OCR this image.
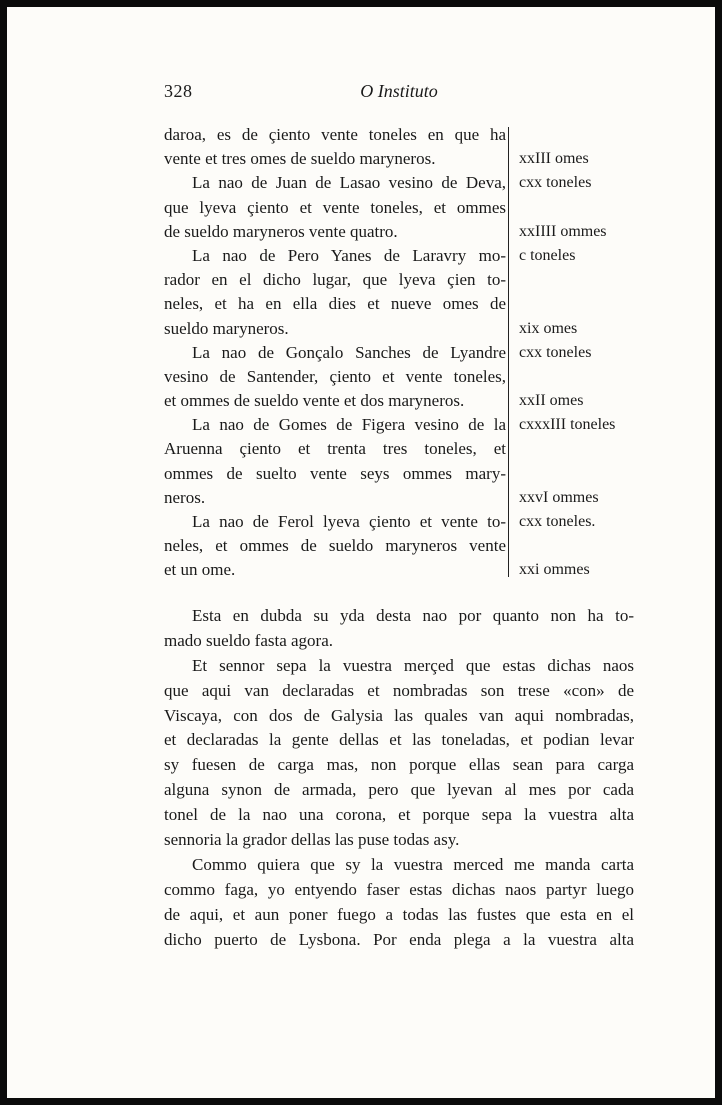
328	O Instituto
daroa, es de çiento vente toneles en que ha
vente et tres omes de sueldo maryneros.
La nao de Juan de Lasao vesino de Deva,
que lyeva çiento et vente toneles, et ommes
de sueldo maryneros vente quatro.
La nao de Pero Yanes de Laravry mo-
rador en el dicho lugar, que lyeva çien to-
neles, et ha en ella dies et nueve omes de
sueldo maryneros.
La nao de Gonçalo Sanches de Lyandre
vesino de Santender, çiento et vente toneles,
et ommes de sueldo vente et dos maryneros.
La nao de Gomes de Figera vesino de la
Aruenna çiento et trenta tres toneles, et
ommes de suelto vente seys ommes mary-
neros.
La nao de Ferol lyeva çiento et vente to-
neles, et ommes de sueldo maryneros vente
et un ome.
xxIII omes
cxx toneles
xxIIII ommes
c toneles
xix omes
cxx toneles
xxII omes
cxxxIII toneles
xxvI ommes
cxx toneles.
xxi ommes
Esta en dubda su yda desta nao por quanto non ha to-
mado sueldo fasta agora.
Et sennor sepa la vuestra merçed que estas dichas naos
que aqui van declaradas et nombradas son trese «con» de
Viscaya, con dos de Galysia las quales van aqui nombradas,
et declaradas la gente dellas et las toneladas, et podian levar
sy fuesen de carga mas, non porque ellas sean para carga
alguna synon de armada, pero que lyevan al mes por cada
tonel de la nao una corona, et porque sepa la vuestra alta
sennoria la grador dellas las puse todas asy.
Commo quiera que sy la vuestra merced me manda carta
commo faga, yo entyendo faser estas dichas naos partyr luego
de aqui, et aun poner fuego a todas las fustes que esta en el
dicho puerto de Lysbona. Por enda plega a la vuestra alta
